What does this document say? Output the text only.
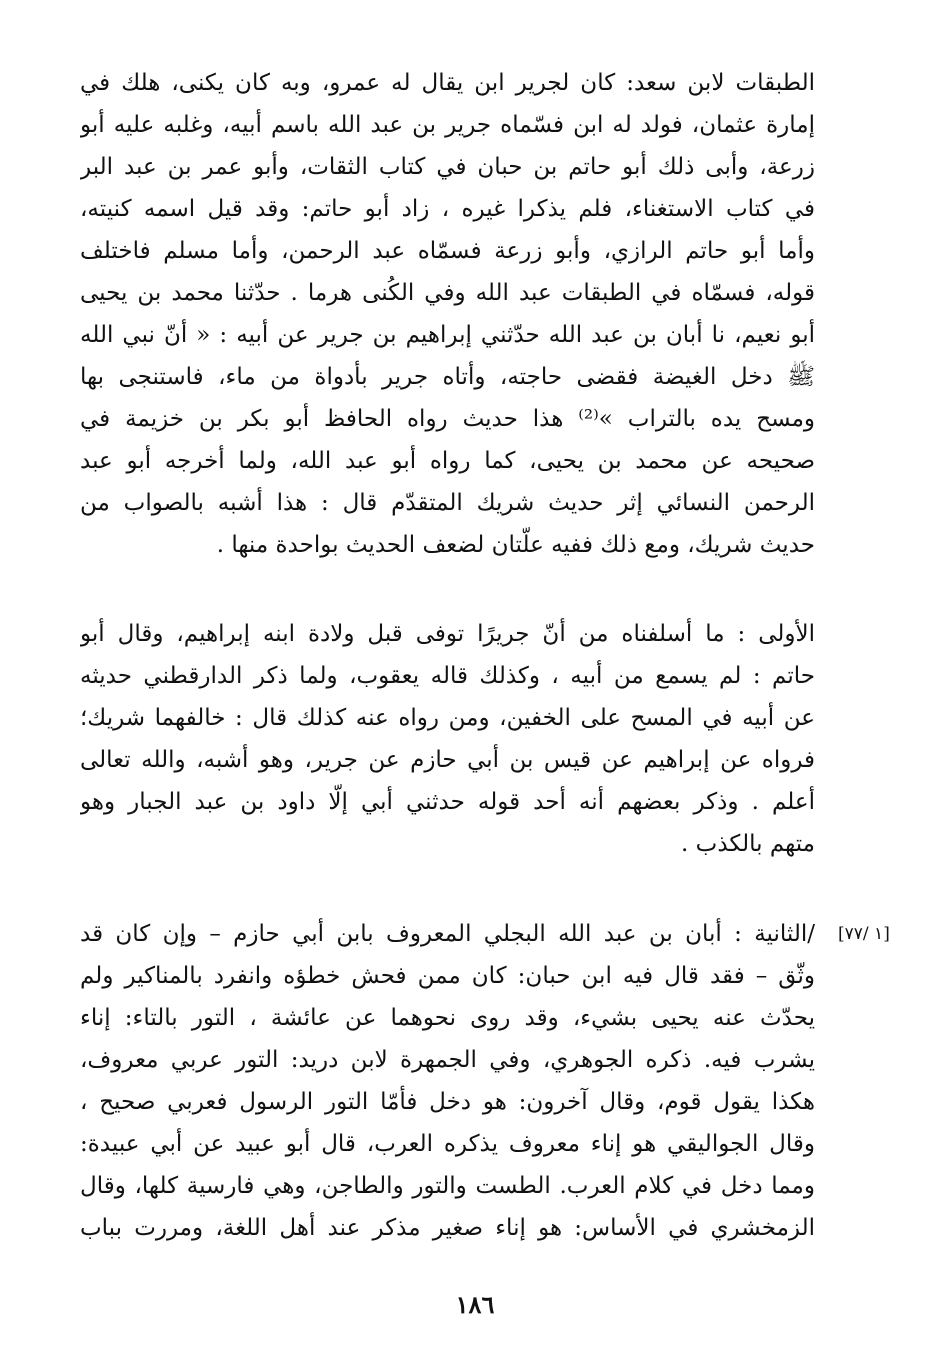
الطبقات لابن سعد: كان لجرير ابن يقال له عمرو، وبه كان يكنى، هلك في
إمارة عثمان، فولد له ابن فسّماه جرير بن عبد الله باسم أبيه، وغلبه عليه أبو
زرعة، وأبى ذلك أبو حاتم بن حبان في كتاب الثقات، وأبو عمر بن عبد البر
في كتاب الاستغناء، فلم يذكرا غيره ، زاد أبو حاتم: وقد قيل اسمه كنيته،
وأما أبو حاتم الرازي، وأبو زرعة فسمّاه عبد الرحمن، وأما مسلم فاختلف
قوله، فسمّاه في الطبقات عبد الله وفي الكُنى هرما . حدّثنا محمد بن يحيى
أبو نعيم، نا أبان بن عبد الله حدّثني إبراهيم بن جرير عن أبيه : « أنّ نبي الله
ﷺ دخل الغيضة فقضى حاجته، وأتاه جرير بأدواة من ماء، فاستنجى بها
ومسح يده بالتراب »⁽²⁾ هذا حديث رواه الحافظ أبو بكر بن خزيمة في
صحيحه عن محمد بن يحيى، كما رواه أبو عبد الله، ولما أخرجه أبو عبد
الرحمن النسائي إثر حديث شريك المتقدّم قال : هذا أشبه بالصواب من
حديث شريك، ومع ذلك ففيه علّتان لضعف الحديث بواحدة منها .
الأولى : ما أسلفناه من أنّ جريرًا توفى قبل ولادة ابنه إبراهيم، وقال أبو
حاتم : لم يسمع من أبيه ، وكذلك قاله يعقوب، ولما ذكر الدارقطني حديثه
عن أبيه في المسح على الخفين، ومن رواه عنه كذلك قال : خالفهما شريك؛
فرواه عن إبراهيم عن قيس بن أبي حازم عن جرير، وهو أشبه، والله تعالى
أعلم . وذكر بعضهم أنه أحد قوله حدثني أبي إلّا داود بن عبد الجبار وهو
متهم بالكذب .
[١ /٧٧]
/الثانية : أبان بن عبد الله البجلي المعروف بابن أبي حازم – وإن كان قد
وثّق – فقد قال فيه ابن حبان: كان ممن فحش خطؤه وانفرد بالمناكير ولم
يحدّث عنه يحيى بشيء، وقد روى نحوهما عن عائشة ، التور بالتاء: إناء
يشرب فيه. ذكره الجوهري، وفي الجمهرة لابن دريد: التور عربي معروف،
هكذا يقول قوم، وقال آخرون: هو دخل فأمّا التور الرسول فعربي صحيح ،
وقال الجواليقي هو إناء معروف يذكره العرب، قال أبو عبيد عن أبي عبيدة:
ومما دخل في كلام العرب. الطست والتور والطاجن، وهي فارسية كلها، وقال
الزمخشري في الأساس: هو إناء صغير مذكر عند أهل اللغة، ومررت بباب
١٨٦
